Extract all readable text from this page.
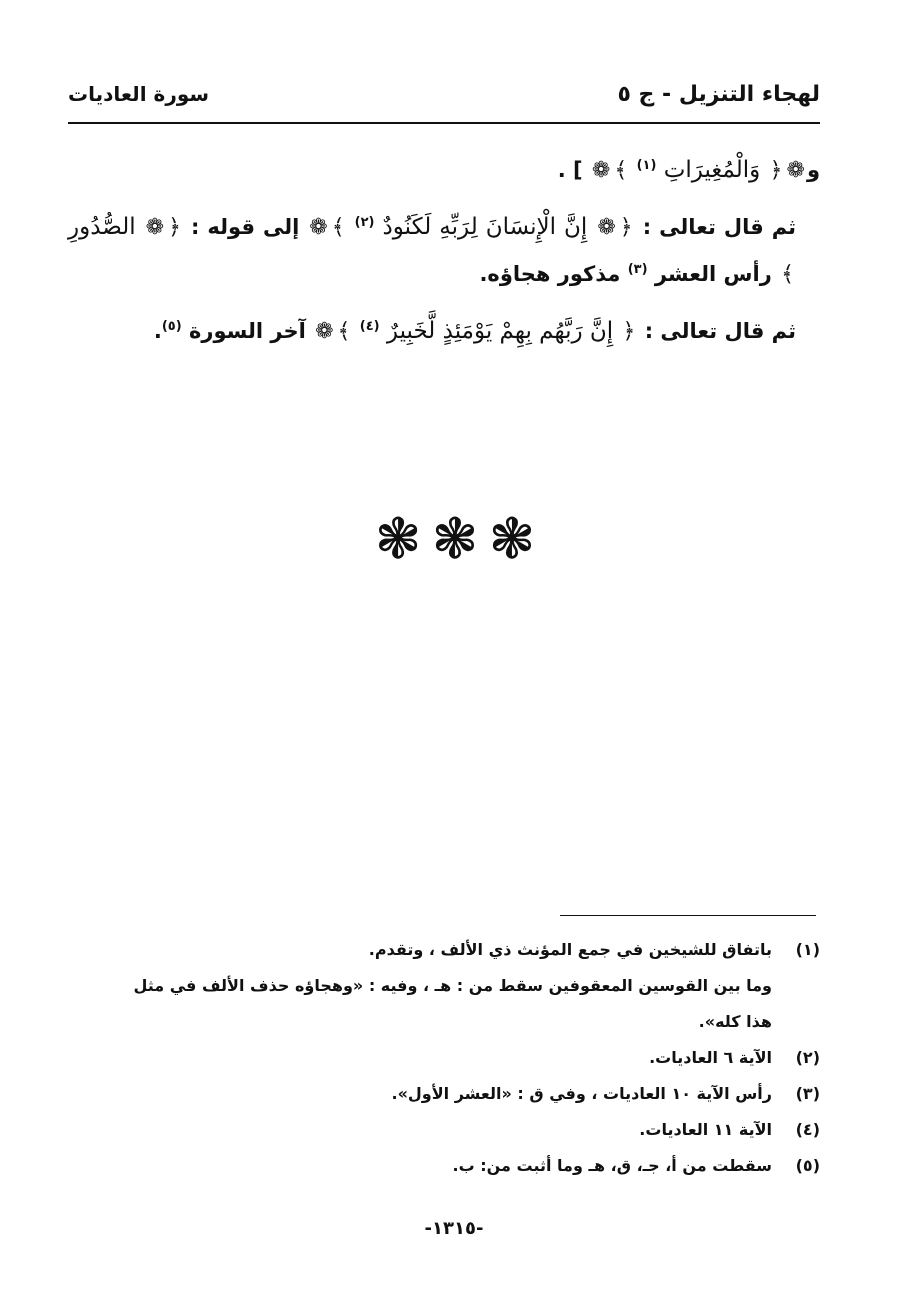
لهجاء التنزيل - ج ٥
سورة العاديات

و❁﴿ وَالْمُغِيرَاتِ $^{(١)}$ ﴾❁ ] .

ثم قال تعالى : ﴿❁ إِنَّ الْإِنسَانَ لِرَبِّهِ لَكَنُودٌ $^{(٢)}$ ﴾❁ إلى قوله : ﴿❁ الصُّدُورِ ﴾ رأس العشر $^{(٣)}$ مذكور هجاؤه.

ثم قال تعالى : ﴿ إِنَّ رَبَّهُم بِهِمْ يَوْمَئِذٍ لَّخَبِيرٌ $^{(٤)}$ ﴾❁ آخر السورة $^{(٥)}$.

❃ ❃ ❃
(١)
باتفاق للشيخين في جمع المؤنث ذي الألف ، وتقدم.
وما بين القوسين المعقوفين سقط من : هـ ، وفيه : «وهجاؤه حذف الألف في مثل هذا كله».
(٢)
الآية ٦ العاديات.
(٣)
رأس الآية ١٠ العاديات ، وفي ق : «العشر الأول».
(٤)
الآية ١١ العاديات.
(٥)
سقطت من أ، جـ، ق، هـ وما أثبت من: ب.
-١٣١٥-
